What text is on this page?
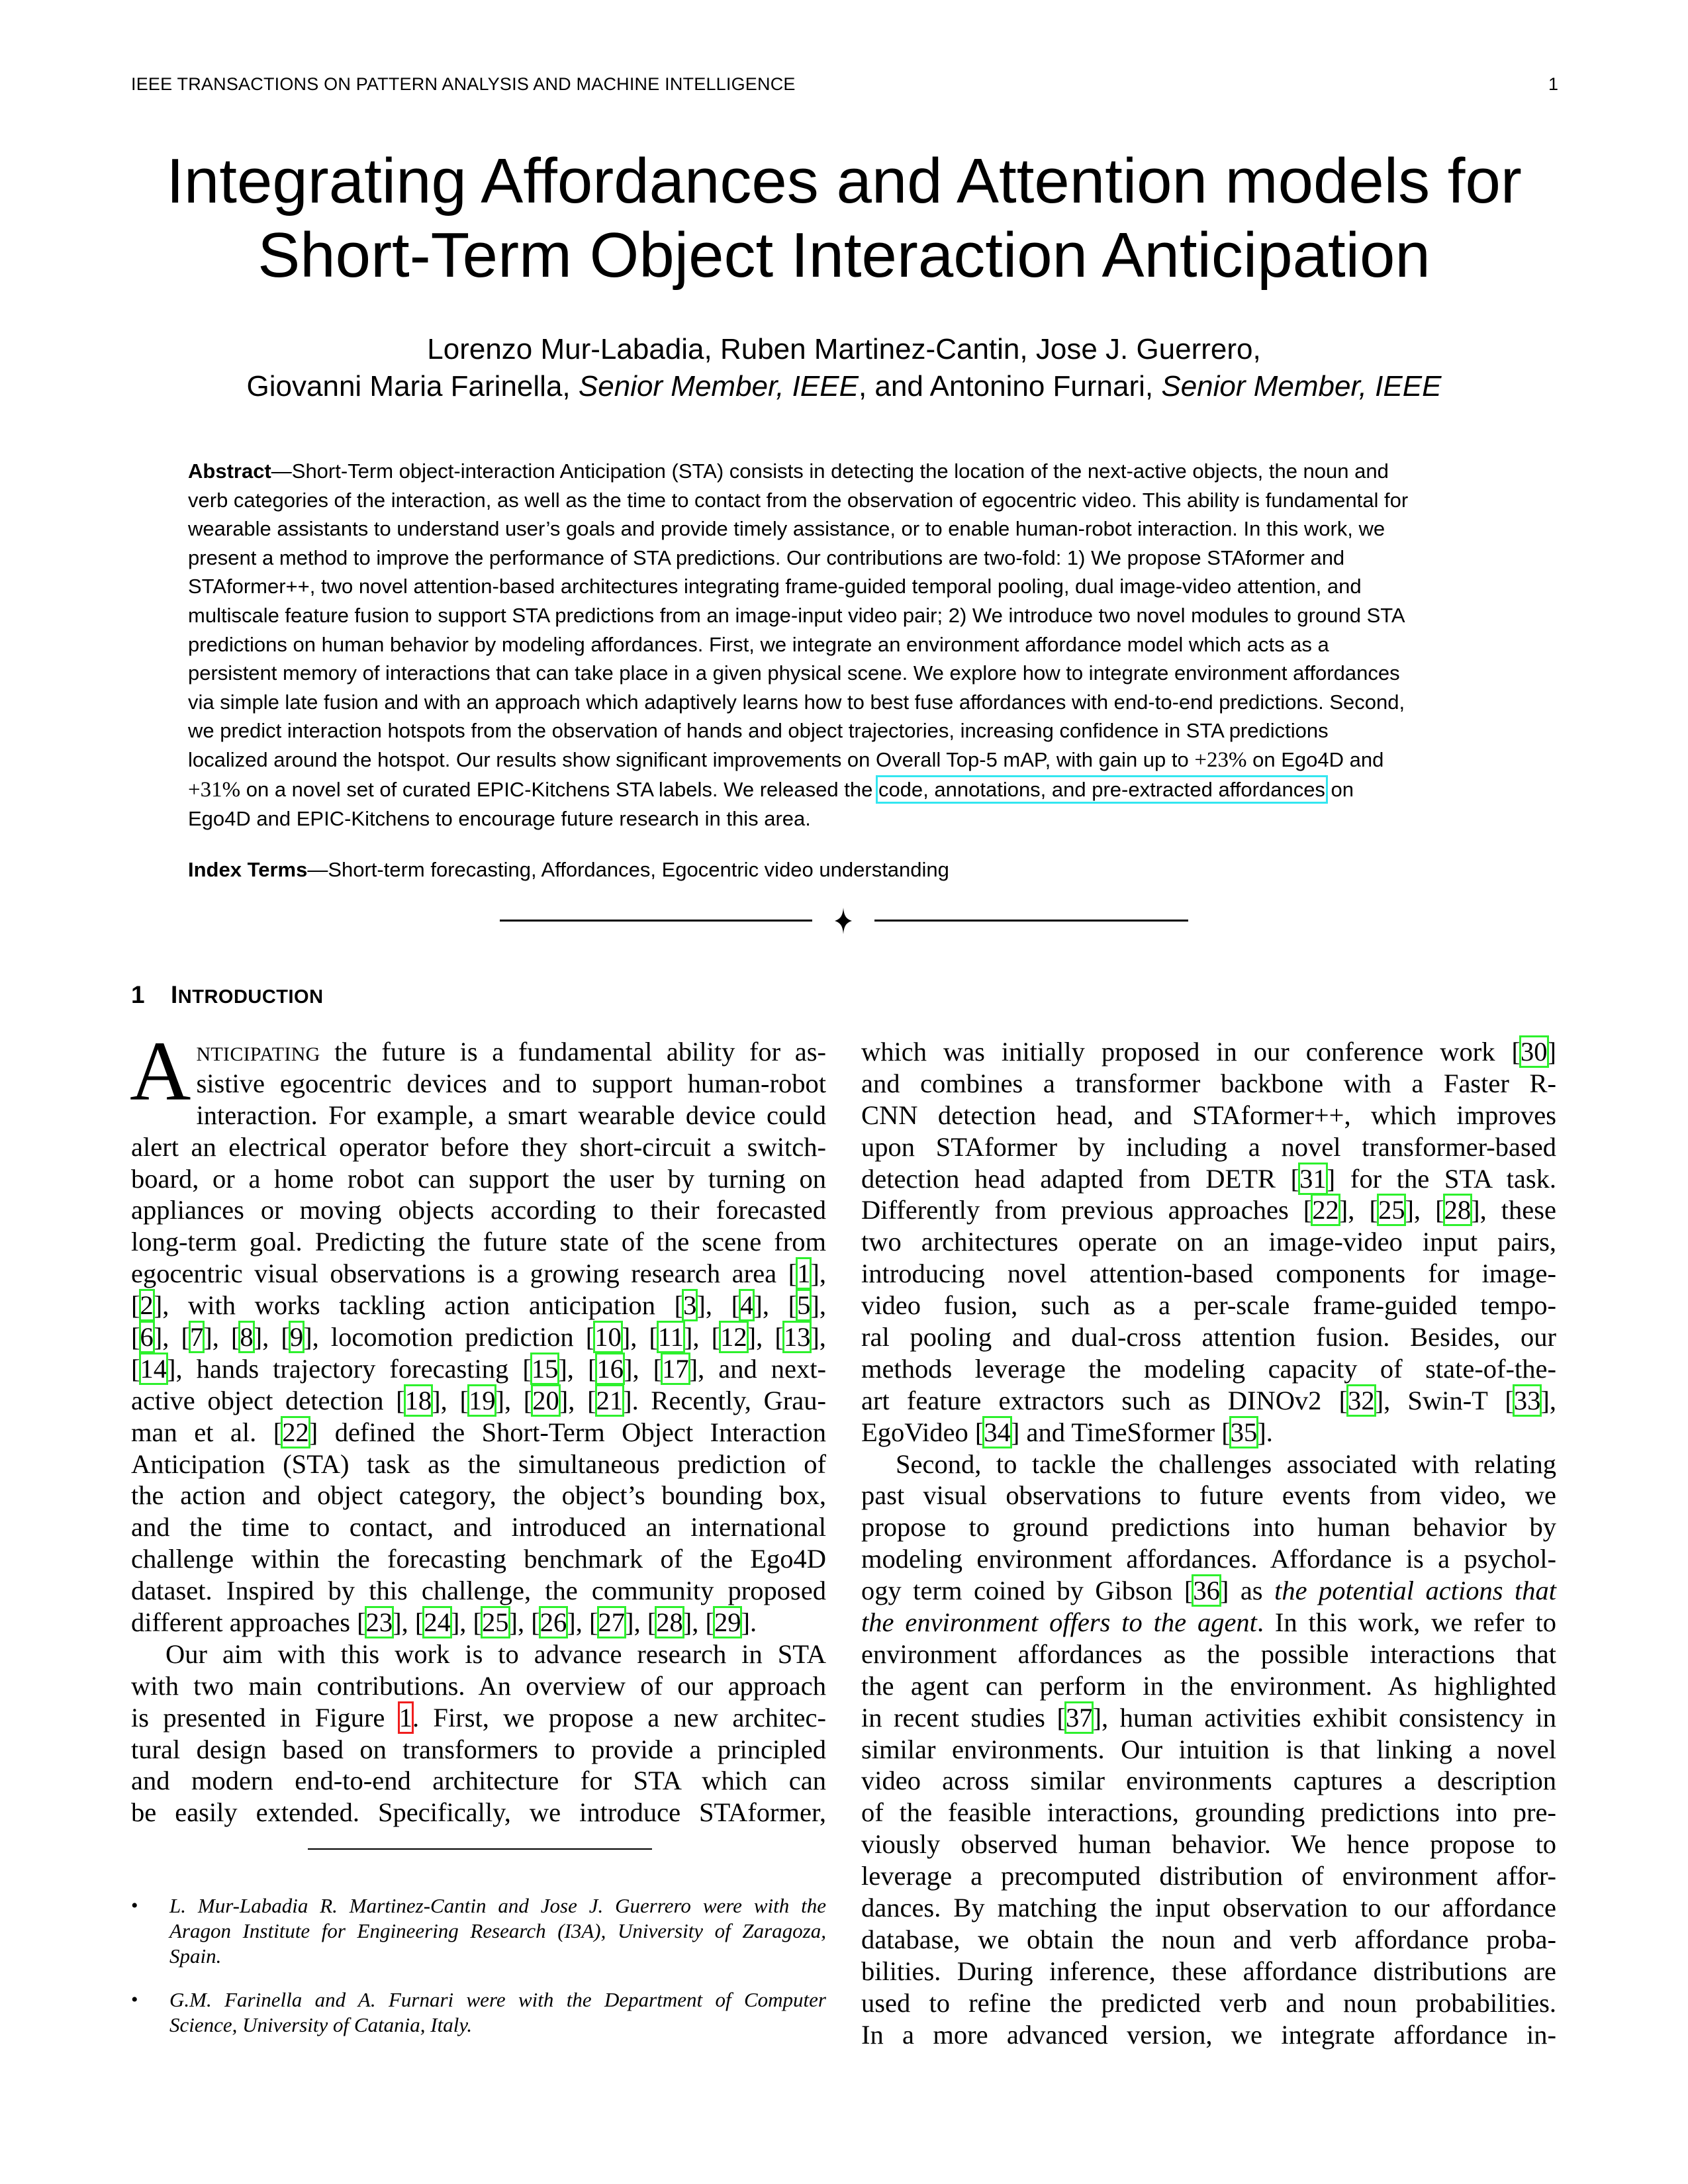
IEEE TRANSACTIONS ON PATTERN ANALYSIS AND MACHINE INTELLIGENCE	1
Integrating Affordances and Attention models for
Short-Term Object Interaction Anticipation
Lorenzo Mur-Labadia, Ruben Martinez-Cantin, Jose J. Guerrero,
Giovanni Maria Farinella, Senior Member, IEEE, and Antonino Furnari, Senior Member, IEEE
Abstract—Short-Term object-interaction Anticipation (STA) consists in detecting the location of the next-active objects, the noun and
verb categories of the interaction, as well as the time to contact from the observation of egocentric video. This ability is fundamental for
wearable assistants to understand user’s goals and provide timely assistance, or to enable human-robot interaction. In this work, we
present a method to improve the performance of STA predictions. Our contributions are two-fold: 1) We propose STAformer and
STAformer++, two novel attention-based architectures integrating frame-guided temporal pooling, dual image-video attention, and
multiscale feature fusion to support STA predictions from an image-input video pair; 2) We introduce two novel modules to ground STA
predictions on human behavior by modeling affordances. First, we integrate an environment affordance model which acts as a
persistent memory of interactions that can take place in a given physical scene. We explore how to integrate environment affordances
via simple late fusion and with an approach which adaptively learns how to best fuse affordances with end-to-end predictions. Second,
we predict interaction hotspots from the observation of hands and object trajectories, increasing confidence in STA predictions
localized around the hotspot. Our results show significant improvements on Overall Top-5 mAP, with gain up to +23% on Ego4D and
+31% on a novel set of curated EPIC-Kitchens STA labels. We released the code, annotations, and pre-extracted affordances on
Ego4D and EPIC-Kitchens to encourage future research in this area.
Index Terms—Short-term forecasting, Affordances, Egocentric video understanding
1 INTRODUCTION
A NTICIPATING the future is a fundamental ability for as-
sistive egocentric devices and to support human-robot
interaction. For example, a smart wearable device could
alert an electrical operator before they short-circuit a switch-
board, or a home robot can support the user by turning on
appliances or moving objects according to their forecasted
long-term goal. Predicting the future state of the scene from
egocentric visual observations is a growing research area [1],
[2], with works tackling action anticipation [3], [4], [5],
[6], [7], [8], [9], locomotion prediction [10], [11], [12], [13],
[14], hands trajectory forecasting [15], [16], [17], and next-
active object detection [18], [19], [20], [21]. Recently, Grau-
man et al. [22] defined the Short-Term Object Interaction
Anticipation (STA) task as the simultaneous prediction of
the action and object category, the object’s bounding box,
and the time to contact, and introduced an international
challenge within the forecasting benchmark of the Ego4D
dataset. Inspired by this challenge, the community proposed
different approaches [23], [24], [25], [26], [27], [28], [29].
Our aim with this work is to advance research in STA
with two main contributions. An overview of our approach
is presented in Figure 1. First, we propose a new architec-
tural design based on transformers to provide a principled
and modern end-to-end architecture for STA which can
be easily extended. Specifically, we introduce STAformer,
• L. Mur-Labadia R. Martinez-Cantin and Jose J. Guerrero were with the
Aragon Institute for Engineering Research (I3A), University of Zaragoza,
Spain.
• G.M. Farinella and A. Furnari were with the Department of Computer
Science, University of Catania, Italy.
which was initially proposed in our conference work [30]
and combines a transformer backbone with a Faster R-
CNN detection head, and STAformer++, which improves
upon STAformer by including a novel transformer-based
detection head adapted from DETR [31] for the STA task.
Differently from previous approaches [22], [25], [28], these
two architectures operate on an image-video input pairs,
introducing novel attention-based components for image-
video fusion, such as a per-scale frame-guided tempo-
ral pooling and dual-cross attention fusion. Besides, our
methods leverage the modeling capacity of state-of-the-
art feature extractors such as DINOv2 [32], Swin-T [33],
EgoVideo [34] and TimeSformer [35].
Second, to tackle the challenges associated with relating
past visual observations to future events from video, we
propose to ground predictions into human behavior by
modeling environment affordances. Affordance is a psychol-
ogy term coined by Gibson [36] as the potential actions that
the environment offers to the agent. In this work, we refer to
environment affordances as the possible interactions that
the agent can perform in the environment. As highlighted
in recent studies [37], human activities exhibit consistency in
similar environments. Our intuition is that linking a novel
video across similar environments captures a description
of the feasible interactions, grounding predictions into pre-
viously observed human behavior. We hence propose to
leverage a precomputed distribution of environment affor-
dances. By matching the input observation to our affordance
database, we obtain the noun and verb affordance proba-
bilities. During inference, these affordance distributions are
used to refine the predicted verb and noun probabilities.
In a more advanced version, we integrate affordance in-
